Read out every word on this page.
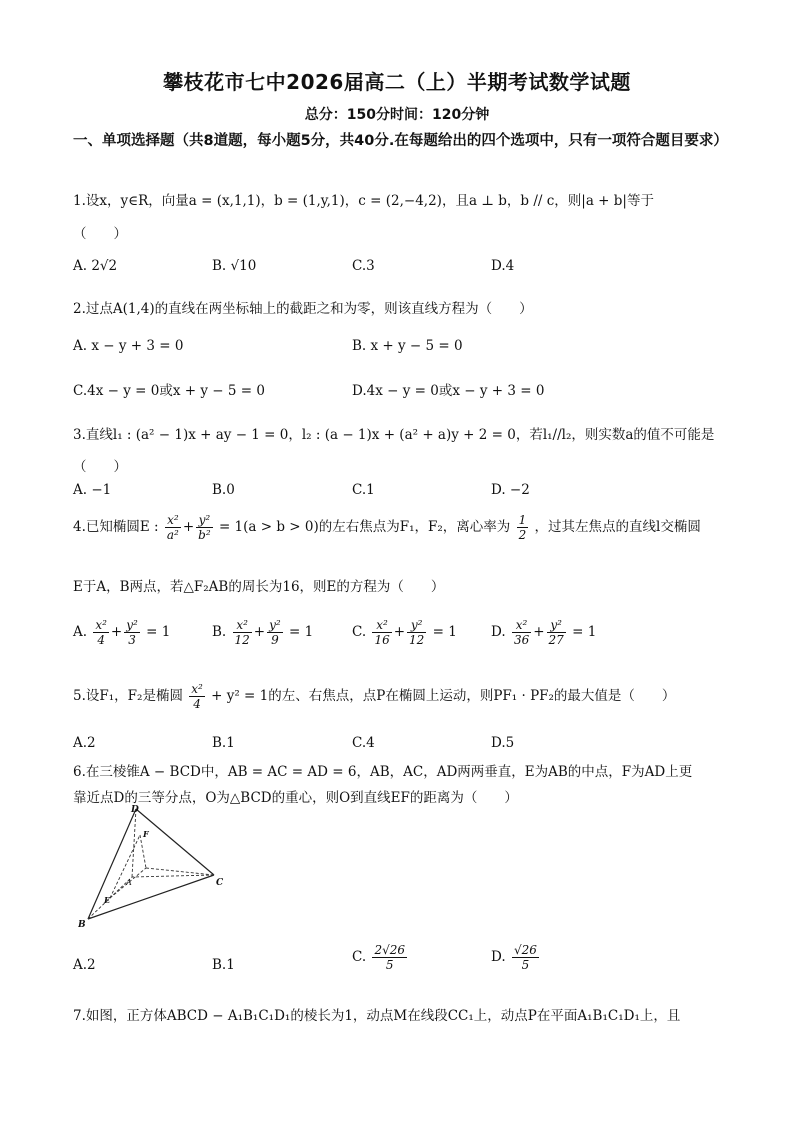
攀枝花市七中2026届高二（上）半期考试数学试题
总分：150分时间：120分钟
一、单项选择题（共8道题，每小题5分，共40分.在每题给出的四个选项中，只有一项符合题目要求）
1.设x，y∈R，向量a = (x,1,1)，b = (1,y,1)，c = (2,−4,2)，且a ⊥ b，b // c，则|a + b|等于
（　　）
A. 2√2	B. √10	C.3	D.4
2.过点A(1,4)的直线在两坐标轴上的截距之和为零，则该直线方程为（　　）
A. x − y + 3 = 0	B. x + y − 5 = 0
C.4x − y = 0或x + y − 5 = 0	D.4x − y = 0或x − y + 3 = 0
3.直线l₁ : (a² − 1)x + ay − 1 = 0，l₂ : (a − 1)x + (a² + a)y + 2 = 0，若l₁//l₂，则实数a的值不可能是
（　　）
A. −1	B.0	C.1	D. −2
4.已知椭圆E : $\frac{\text{x²}}{\text{a²}} + \frac{\text{y²}}{\text{b²}} = 1(a > b > 0)$的左右焦点为F₁，F₂，离心率为 $\frac{1}{2}$ ，过其左焦点的直线l交椭圆
E于A，B两点，若△F₂AB的周长为16，则E的方程为（　　）
A. $\frac{\text{x²}}{4} + \frac{\text{y²}}{3} = 1$	B. $\frac{\text{x²}}{12} + \frac{\text{y²}}{9} = 1$	C. $\frac{\text{x²}}{16} + \frac{\text{y²}}{12} = 1$	D. $\frac{\text{x²}}{36} + \frac{\text{y²}}{27} = 1$
5.设F₁，F₂是椭圆 $\frac{\text{x²}}{4} + y^2 = 1$的左、右焦点，点P在椭圆上运动，则PF₁ · PF₂的最大值是（　　）
A.2	B.1	C.4	D.5
6.在三棱锥A − BCD中，AB = AC = AD = 6，AB，AC，AD两两垂直，E为AB的中点，F为AD上更
靠近点D的三等分点，O为△BCD的重心，则O到直线EF的距离为（　　）
D
F
A
E
B
C
A.2	B.1	C. $\frac{2√26}{5}$	D. $\frac{√26}{5}$
7.如图，正方体ABCD − A₁B₁C₁D₁的棱长为1，动点M在线段CC₁上，动点P在平面A₁B₁C₁D₁上，且
